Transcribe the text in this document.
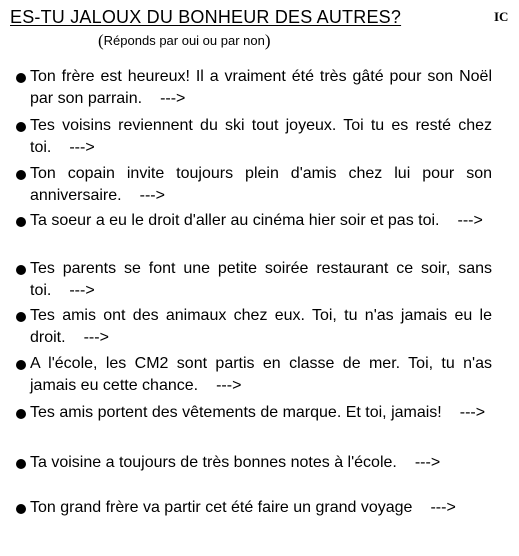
ES-TU JALOUX DU BONHEUR DES AUTRES?	IC
(Réponds par oui ou par non)
Ton frère est heureux! Il a vraiment été très gâté pour son Noël par son parrain. --->
Tes voisins reviennent du ski tout joyeux. Toi tu es resté chez toi. --->
Ton copain invite toujours plein d'amis chez lui pour son anniversaire. --->
Ta soeur a eu le droit d'aller au cinéma hier soir et pas toi. --->
Tes parents se font une petite soirée restaurant ce soir, sans toi. --->
Tes amis ont des animaux chez eux. Toi, tu n'as jamais eu le droit. --->
A l'école, les CM2 sont partis en classe de mer. Toi, tu n'as jamais eu cette chance. --->
Tes amis portent des vêtements de marque. Et toi, jamais! --->
Ta voisine a toujours de très bonnes notes à l'école. --->
Ton grand frère va partir cet été faire un grand voyage --->
